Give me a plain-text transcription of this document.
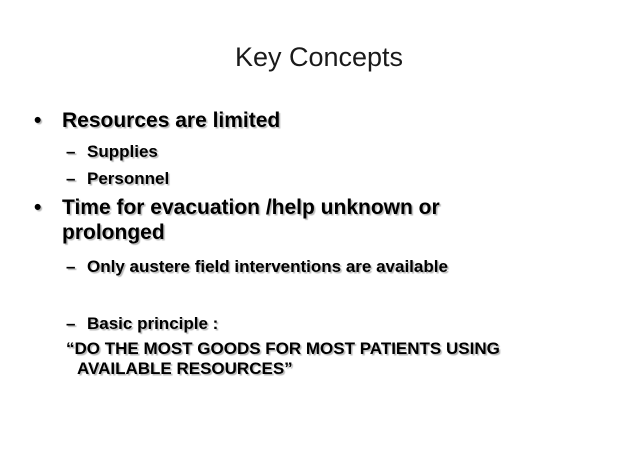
Key Concepts
• Resources are limited
– Supplies
– Personnel
• Time for evacuation /help unknown or
prolonged
– Only austere field interventions are available
– Basic principle :
“DO THE MOST GOODS FOR MOST PATIENTS USING
AVAILABLE RESOURCES”
